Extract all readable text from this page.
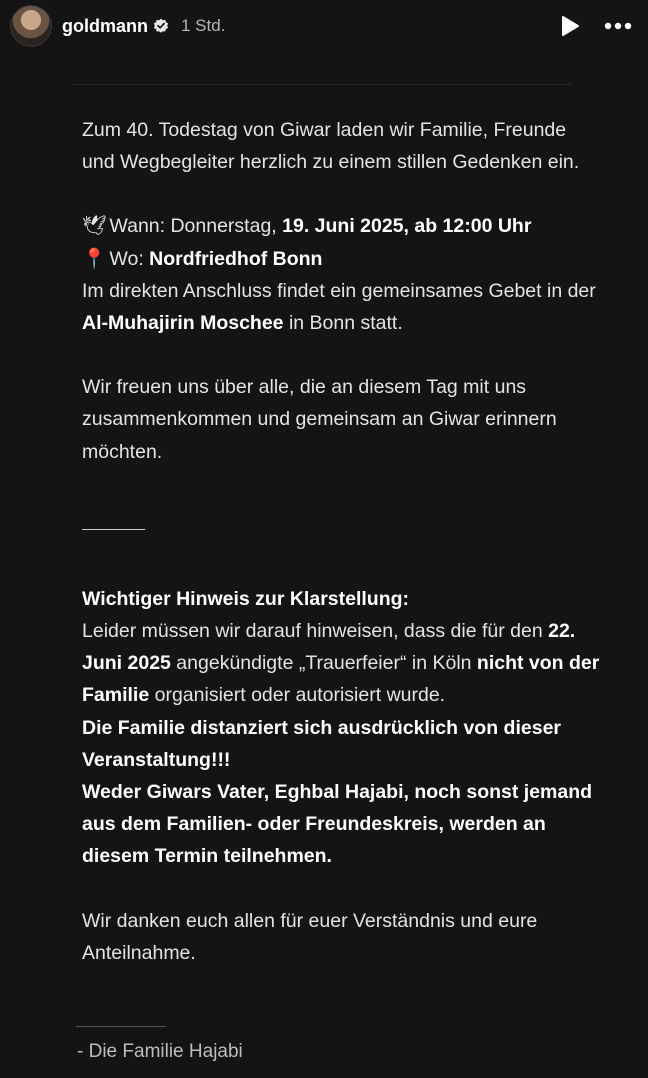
goldmann 1 Std.

Zum 40. Todestag von Giwar laden wir Familie, Freunde und Wegbegleiter herzlich zu einem stillen Gedenken ein.

🕊 Wann: Donnerstag, 19. Juni 2025, ab 12:00 Uhr

📍 Wo: Nordfriedhof Bonn

Im direkten Anschluss findet ein gemeinsames Gebet in der Al-Muhajirin Moschee in Bonn statt.

Wir freuen uns über alle, die an diesem Tag mit uns zusammenkommen und gemeinsam an Giwar erinnern möchten.

Wichtiger Hinweis zur Klarstellung:

Leider müssen wir darauf hinweisen, dass die für den 22. Juni 2025 angekündigte „Trauerfeier“ in Köln nicht von der Familie organisiert oder autorisiert wurde.

Die Familie distanziert sich ausdrücklich von dieser Veranstaltung!!!

Weder Giwars Vater, Eghbal Hajabi, noch sonst jemand aus dem Familien- oder Freundeskreis, werden an diesem Termin teilnehmen.

Wir danken euch allen für euer Verständnis und eure Anteilnahme.

- Die Familie Hajabi
